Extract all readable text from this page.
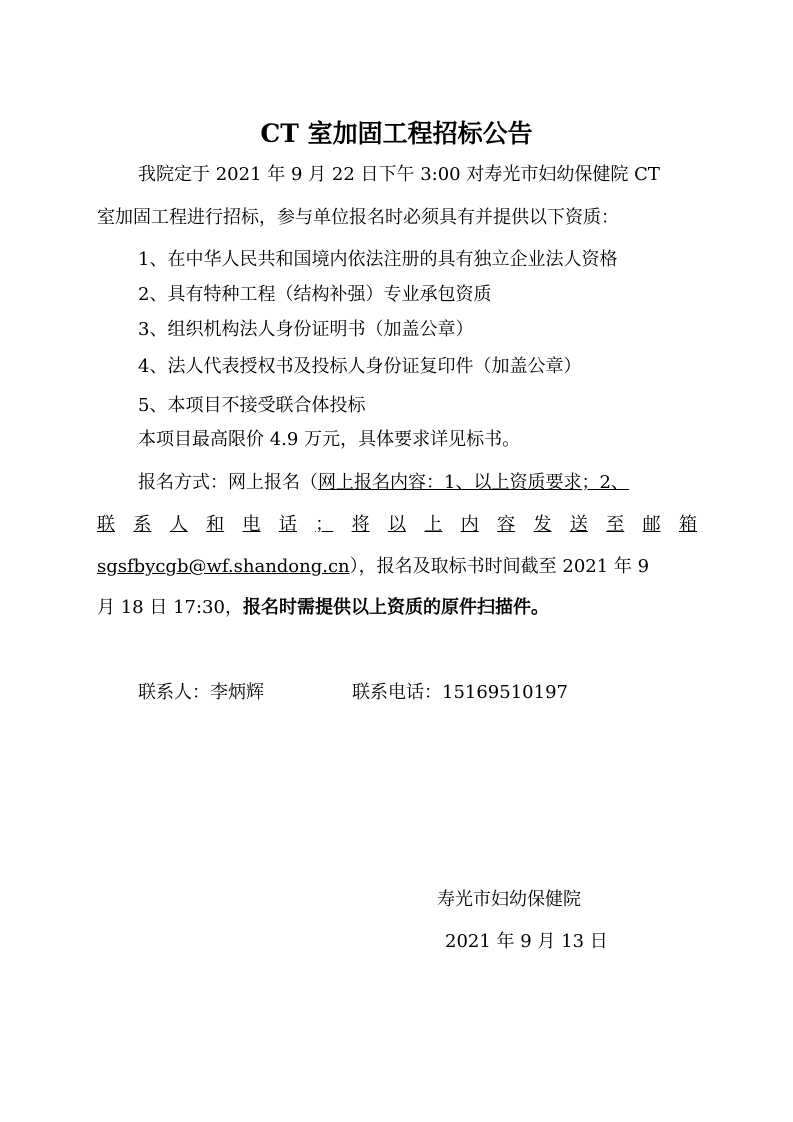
CT 室加固工程招标公告

我院定于 2021 年 9 月 22 日下午 3:00 对寿光市妇幼保健院 CT

室加固工程进行招标，参与单位报名时必须具有并提供以下资质：

1、在中华人民共和国境内依法注册的具有独立企业法人资格

2、具有特种工程（结构补强）专业承包资质

3、组织机构法人身份证明书（加盖公章）

4、法人代表授权书及投标人身份证复印件（加盖公章）

5、本项目不接受联合体投标

本项目最高限价 4.9 万元，具体要求详见标书。

报名方式：网上报名（网上报名内容：1、以上资质要求；2、

联 系 人 和 电 话 ； 将 以 上 内 容 发 送 至 邮 箱

sgsfbycgb@wf.shandong.cn），报名及取标书时间截至 2021 年 9

月 18 日 17:30，报名时需提供以上资质的原件扫描件。

联系人：李炳辉	联系电话：15169510197

寿光市妇幼保健院
2021 年 9 月 13 日
